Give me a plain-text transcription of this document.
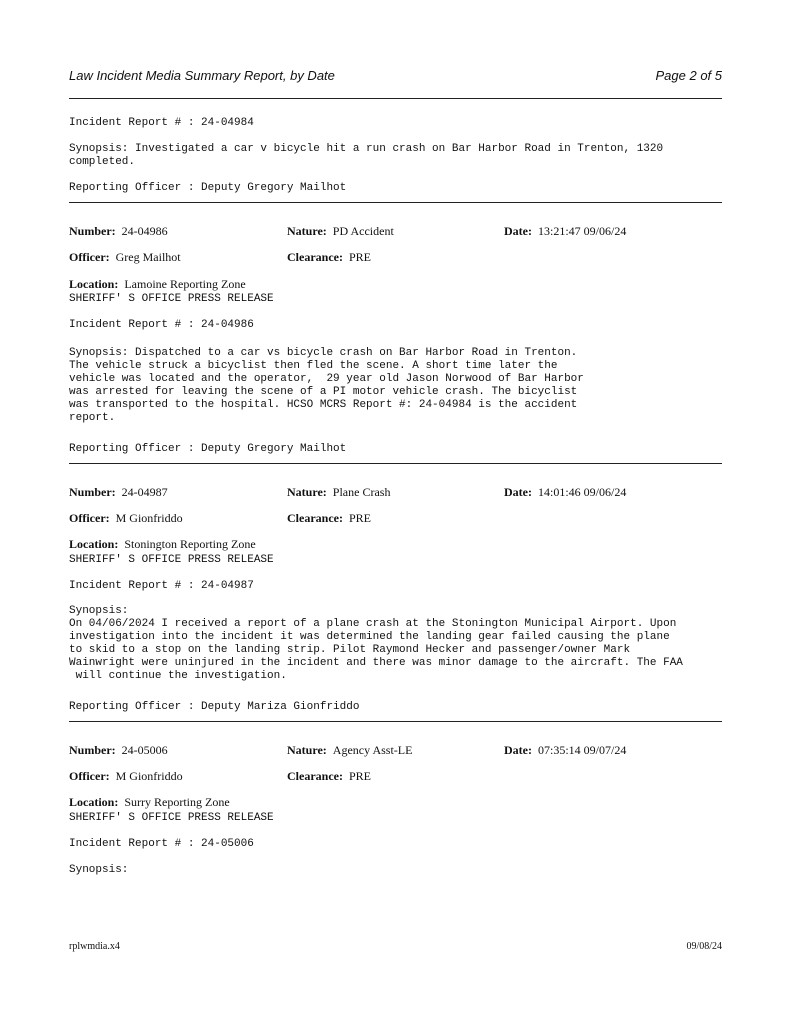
Law Incident Media Summary Report, by Date	Page 2 of 5
Incident Report # : 24-04984
Synopsis: Investigated a car v bicycle hit a run crash on Bar Harbor Road in Trenton, 1320
completed.
Reporting Officer : Deputy Gregory Mailhot
Number: 24-04986	Nature: PD Accident	Date: 13:21:47 09/06/24
Officer: Greg Mailhot	Clearance: PRE
Location: Lamoine Reporting Zone
SHERIFF' S OFFICE PRESS RELEASE
Incident Report # : 24-04986
Synopsis: Dispatched to a car vs bicycle crash on Bar Harbor Road in Trenton.
The vehicle struck a bicyclist then fled the scene. A short time later the
vehicle was located and the operator,  29 year old Jason Norwood of Bar Harbor
was arrested for leaving the scene of a PI motor vehicle crash. The bicyclist
was transported to the hospital. HCSO MCRS Report #: 24-04984 is the accident
report.
Reporting Officer : Deputy Gregory Mailhot
Number: 24-04987	Nature: Plane Crash	Date: 14:01:46 09/06/24
Officer: M Gionfriddo	Clearance: PRE
Location: Stonington Reporting Zone
SHERIFF' S OFFICE PRESS RELEASE
Incident Report # : 24-04987
Synopsis:
On 04/06/2024 I received a report of a plane crash at the Stonington Municipal Airport. Upon
investigation into the incident it was determined the landing gear failed causing the plane
to skid to a stop on the landing strip. Pilot Raymond Hecker and passenger/owner Mark
Wainwright were uninjured in the incident and there was minor damage to the aircraft. The FAA
will continue the investigation.
Reporting Officer : Deputy Mariza Gionfriddo
Number: 24-05006	Nature: Agency Asst-LE	Date: 07:35:14 09/07/24
Officer: M Gionfriddo	Clearance: PRE
Location: Surry Reporting Zone
SHERIFF' S OFFICE PRESS RELEASE
Incident Report # : 24-05006
Synopsis:
rplwmdia.x4	09/08/24
